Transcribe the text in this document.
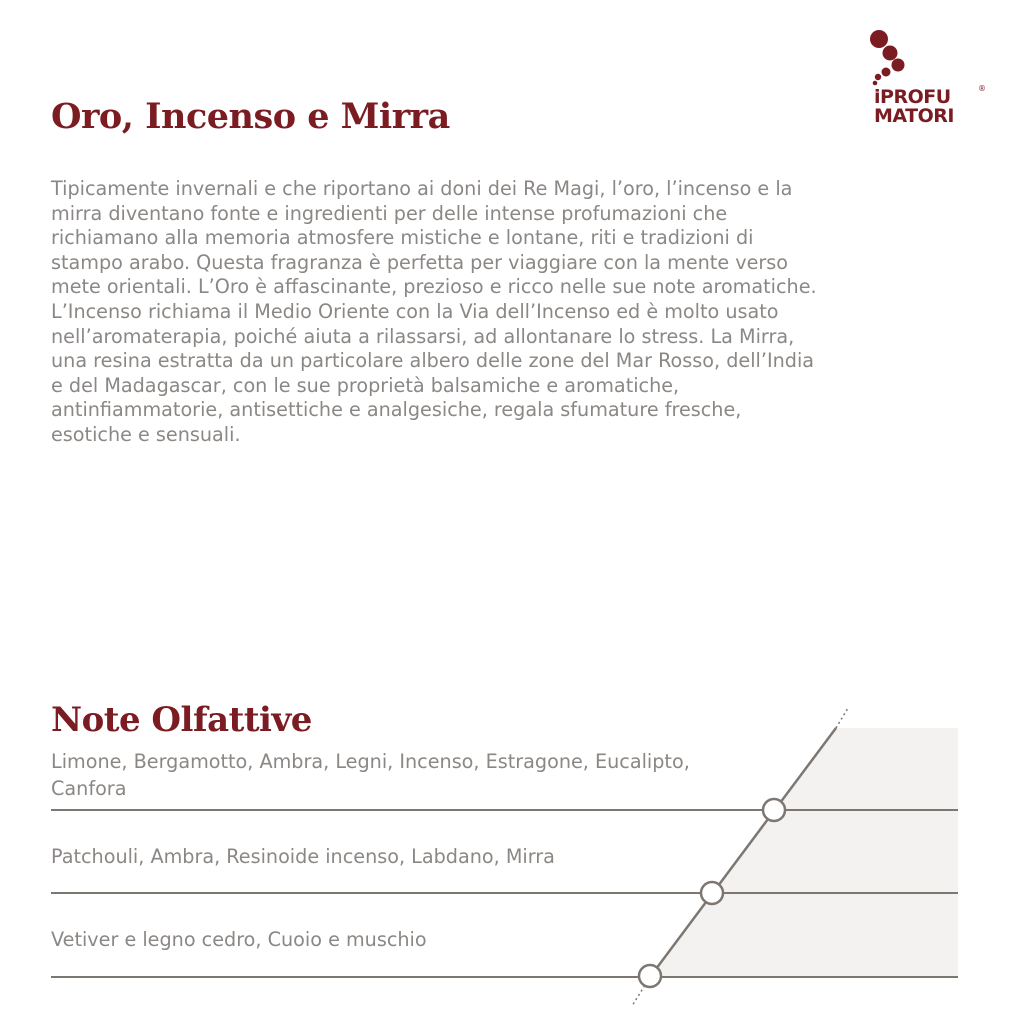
iPROFU
MATORI
®
Oro, Incenso e Mirra

Tipicamente invernali e che riportano ai doni dei Re Magi, l’oro, l’incenso e la mirra diventano fonte e ingredienti per delle intense profumazioni che richiamano alla memoria atmosfere mistiche e lontane, riti e tradizioni di stampo arabo. Questa fragranza è perfetta per viaggiare con la mente verso mete orientali. L’Oro è affascinante, prezioso e ricco nelle sue note aromatiche. L’Incenso richiama il Medio Oriente con la Via dell’Incenso ed è molto usato nell’aromaterapia, poiché aiuta a rilassarsi, ad allontanare lo stress. La Mirra, una resina estratta da un particolare albero delle zone del Mar Rosso, dell’India e del Madagascar, con le sue proprietà balsamiche e aromatiche, antinfiammatorie, antisettiche e analgesiche, regala sfumature fresche, esotiche e sensuali.

Note Olfattive
Limone, Bergamotto, Ambra, Legni, Incenso, Estragone, Eucalipto, Canfora
Patchouli, Ambra, Resinoide incenso, Labdano, Mirra
Vetiver e legno cedro, Cuoio e muschio
